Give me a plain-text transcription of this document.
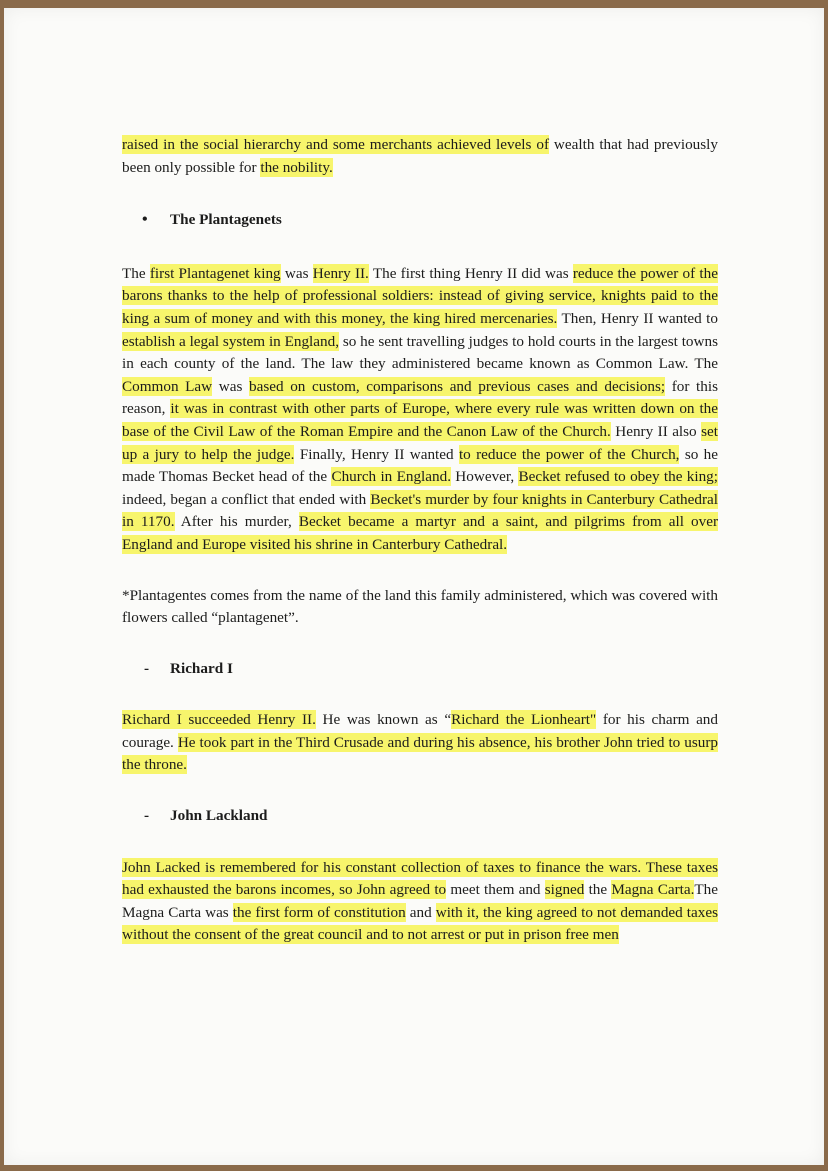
raised in the social hierarchy and some merchants achieved levels of wealth that had previously been only possible for the nobility.

•	The Plantagenets

The first Plantagenet king was Henry II. The first thing Henry II did was reduce the power of the barons thanks to the help of professional soldiers: instead of giving service, knights paid to the king a sum of money and with this money, the king hired mercenaries. Then, Henry II wanted to establish a legal system in England, so he sent travelling judges to hold courts in the largest towns in each county of the land. The law they administered became known as Common Law. The Common Law was based on custom, comparisons and previous cases and decisions; for this reason, it was in contrast with other parts of Europe, where every rule was written down on the base of the Civil Law of the Roman Empire and the Canon Law of the Church. Henry II also set up a jury to help the judge. Finally, Henry II wanted to reduce the power of the Church, so he made Thomas Becket head of the Church in England. However, Becket refused to obey the king; indeed, began a conflict that ended with Becket's murder by four knights in Canterbury Cathedral in 1170. After his murder, Becket became a martyr and a saint, and pilgrims from all over England and Europe visited his shrine in Canterbury Cathedral.

*Plantagentes comes from the name of the land this family administered, which was covered with flowers called “plantagenet”.

-	Richard I

Richard I succeeded Henry II. He was known as “Richard the Lionheart" for his charm and courage. He took part in the Third Crusade and during his absence, his brother John tried to usurp the throne.

-	John Lackland

John Lacked is remembered for his constant collection of taxes to finance the wars. These taxes had exhausted the barons incomes, so John agreed to meet them and signed the Magna Carta.The Magna Carta was the first form of constitution and with it, the king agreed to not demanded taxes without the consent of the great council and to not arrest or put in prison free men
